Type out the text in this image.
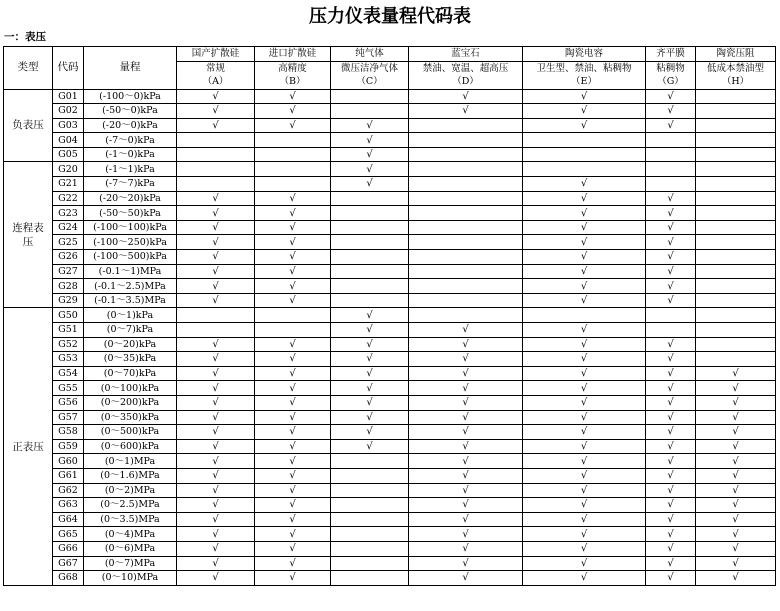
压力仪表量程代码表
一：表压
类型	代码	量程	国产扩散硅	进口扩散硅	纯气体	蓝宝石	陶瓷电容	齐平膜	陶瓷压阻
			常规	高精度	微压洁净气体	禁油、宽温、超高压	卫生型、禁油、粘稠物	粘稠物	低成本禁油型
			（A）	（B）	（C）	（D）	（E）	（G）	（H）
负表压	G01	(-100～0)kPa	√	√		√	√	√	
	G02	(-50～0)kPa	√	√		√	√	√	
	G03	(-20～0)kPa	√	√	√		√	√	
	G04	(-7～0)kPa			√				
	G05	(-1～0)kPa			√				
连程表压	G20	(-1～1)kPa			√				
	G21	(-7～7)kPa			√		√		
	G22	(-20～20)kPa	√	√			√	√	
	G23	(-50～50)kPa	√	√			√	√	
	G24	(-100～100)kPa	√	√			√	√	
	G25	(-100～250)kPa	√	√			√	√	
	G26	(-100～500)kPa	√	√			√	√	
	G27	(-0.1～1)MPa	√	√			√	√	
	G28	(-0.1～2.5)MPa	√	√			√	√	
	G29	(-0.1～3.5)MPa	√	√			√	√	
正表压	G50	(0～1)kPa			√				
	G51	(0～7)kPa			√	√	√		
	G52	(0～20)kPa	√	√	√	√	√	√	
	G53	(0～35)kPa	√	√	√	√	√	√	
	G54	(0～70)kPa	√	√	√	√	√	√	√
	G55	(0～100)kPa	√	√	√	√	√	√	√
	G56	(0～200)kPa	√	√	√	√	√	√	√
	G57	(0～350)kPa	√	√	√	√	√	√	√
	G58	(0～500)kPa	√	√	√	√	√	√	√
	G59	(0～600)kPa	√	√	√	√	√	√	√
	G60	(0～1)MPa	√	√		√	√	√	√
	G61	(0～1.6)MPa	√	√		√	√	√	√
	G62	(0～2)MPa	√	√		√	√	√	√
	G63	(0～2.5)MPa	√	√		√	√	√	√
	G64	(0～3.5)MPa	√	√		√	√	√	√
	G65	(0～4)MPa	√	√		√	√	√	√
	G66	(0～6)MPa	√	√		√	√	√	√
	G67	(0～7)MPa	√	√		√	√	√	√
	G68	(0～10)MPa	√	√		√	√	√	√
